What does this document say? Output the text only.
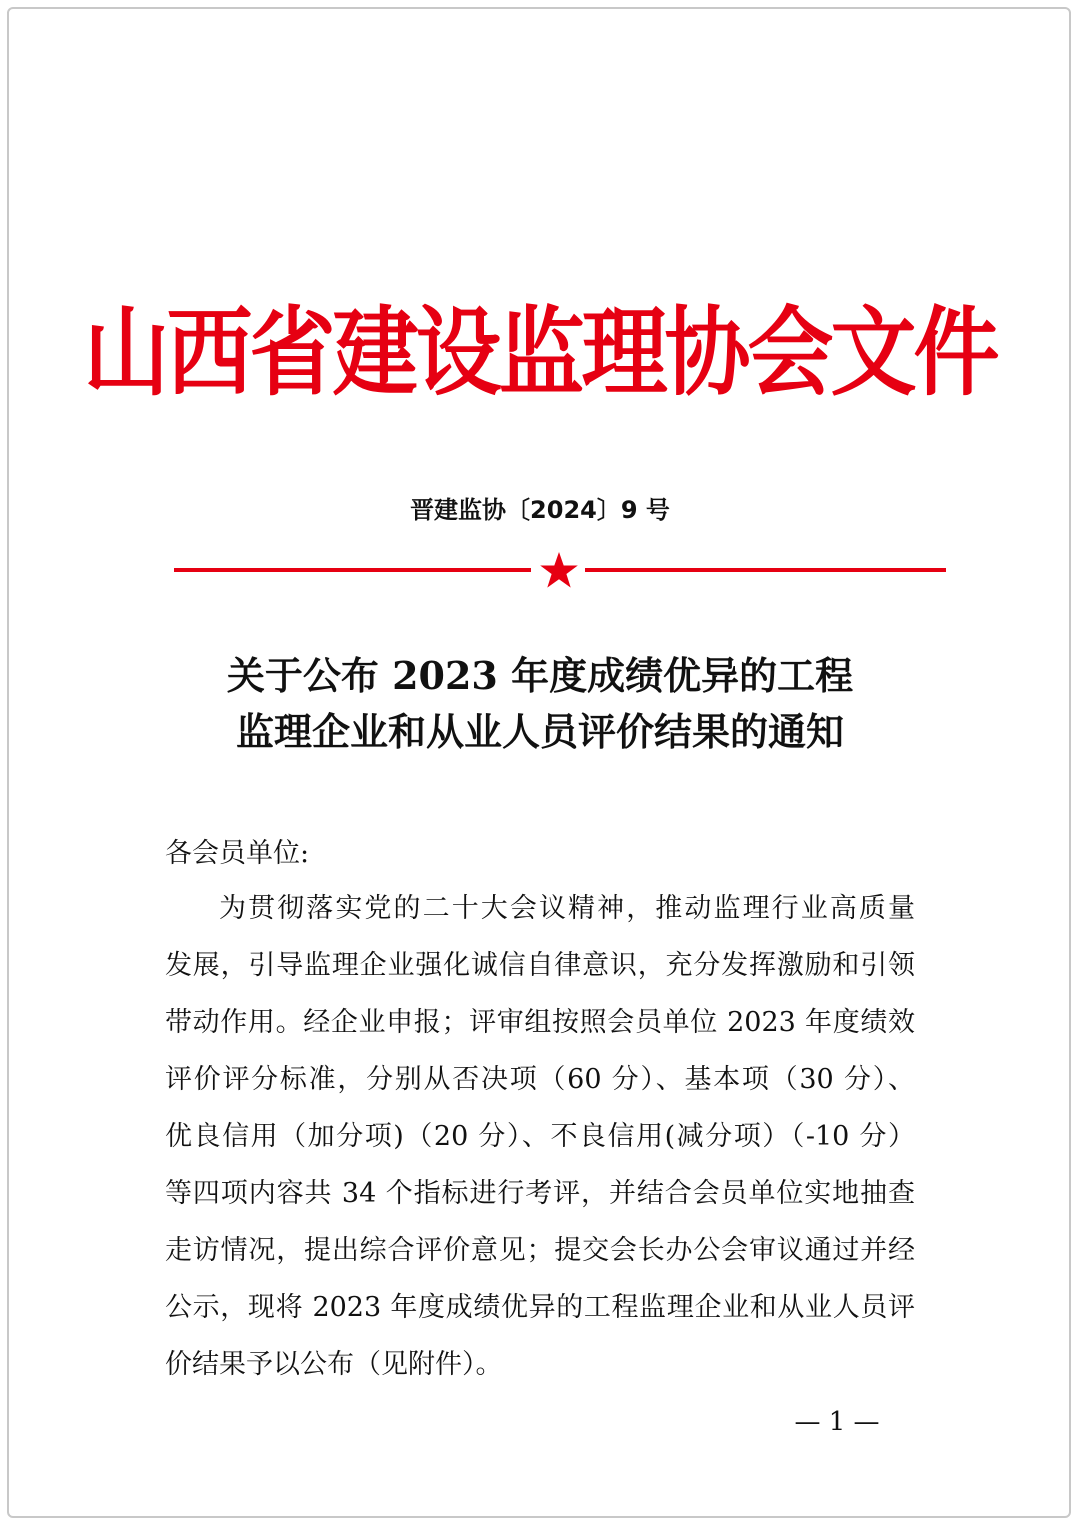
山西省建设监理协会文件
晋建监协〔2024〕9 号
关于公布 2023 年度成绩优异的工程
监理企业和从业人员评价结果的通知
各会员单位:
为贯彻落实党的二十大会议精神，推动监理行业高质量
发展，引导监理企业强化诚信自律意识，充分发挥激励和引领
带动作用。经企业申报；评审组按照会员单位 2023 年度绩效
评价评分标准，分别从否决项（60 分）、基本项（30 分）、
优良信用（加分项)（20 分）、不良信用(减分项）（-10 分）
等四项内容共 34 个指标进行考评，并结合会员单位实地抽查
走访情况，提出综合评价意见；提交会长办公会审议通过并经
公示，现将 2023 年度成绩优异的工程监理企业和从业人员评
价结果予以公布（见附件）。
— 1 —
